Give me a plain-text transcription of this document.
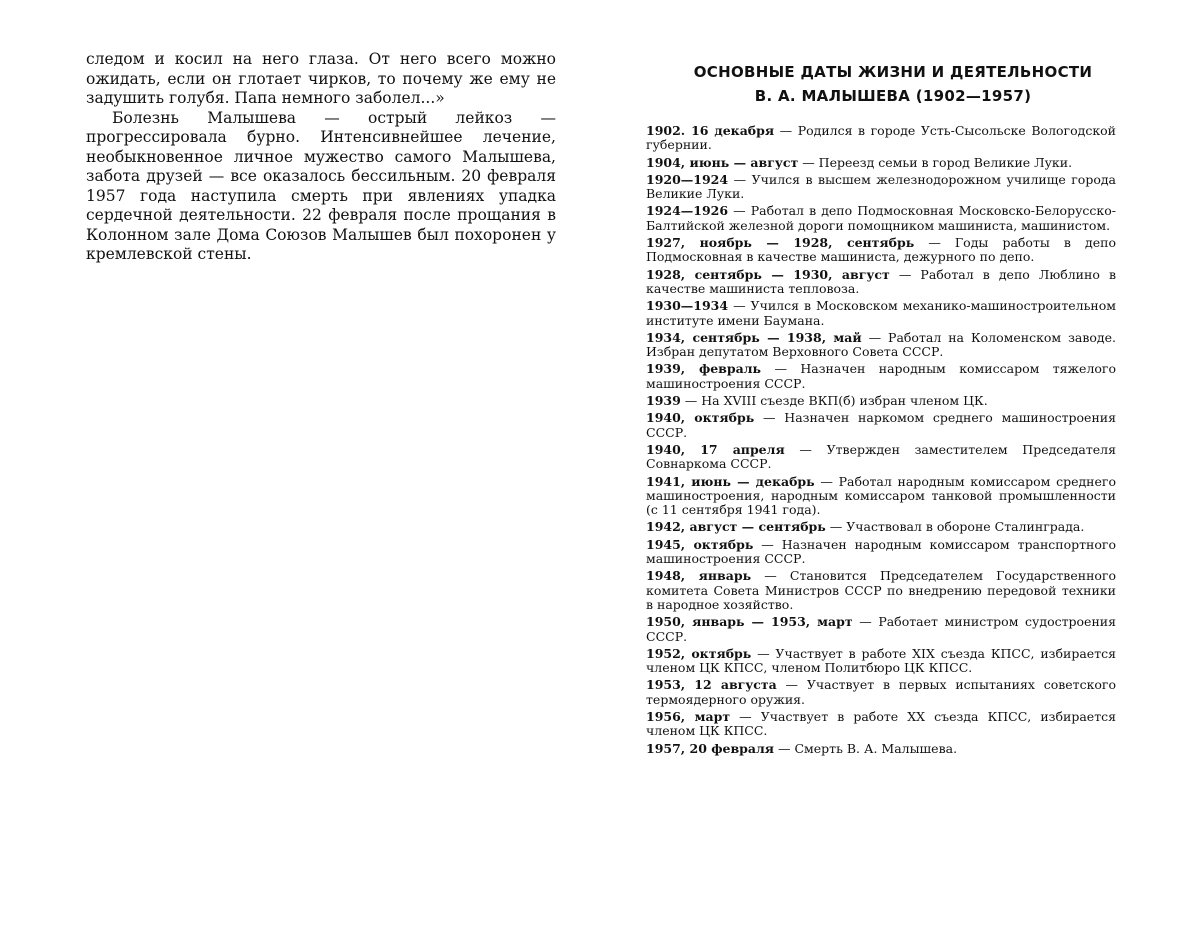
следом и косил на него глаза. От него всего можно ожидать, если он глотает чирков, то почему же ему не задушить голубя. Папа немного заболел...»

Болезнь Малышева — острый лейкоз — прогрессировала бурно. Интенсивнейшее лечение, необыкновенное личное мужество самого Малышева, забота друзей — все оказалось бессильным. 20 февраля 1957 года наступила смерть при явлениях упадка сердечной деятельности. 22 февраля после прощания в Колонном зале Дома Союзов Малышев был похоронен у кремлевской стены.

ОСНОВНЫЕ ДАТЫ ЖИЗНИ И ДЕЯТЕЛЬНОСТИ
В. А. МАЛЫШЕВА (1902—1957)
1902. 16 декабря — Родился в городе Усть-Сысольске Вологодской губернии.
1904, июнь — август — Переезд семьи в город Великие Луки.
1920—1924 — Учился в высшем железнодорожном училище города Великие Луки.
1924—1926 — Работал в депо Подмосковная Московско-Белорусско-Балтийской железной дороги помощником машиниста, машинистом.
1927, ноябрь — 1928, сентябрь — Годы работы в депо Подмосковная в качестве машиниста, дежурного по депо.
1928, сентябрь — 1930, август — Работал в депо Люблино в качестве машиниста тепловоза.
1930—1934 — Учился в Московском механико-машиностроительном институте имени Баумана.
1934, сентябрь — 1938, май — Работал на Коломенском заводе. Избран депутатом Верховного Совета СССР.
1939, февраль — Назначен народным комиссаром тяжелого машиностроения СССР.
1939 — На XVIII съезде ВКП(б) избран членом ЦК.
1940, октябрь — Назначен наркомом среднего машиностроения СССР.
1940, 17 апреля — Утвержден заместителем Председателя Совнаркома СССР.
1941, июнь — декабрь — Работал народным комиссаром среднего машиностроения, народным комиссаром танковой промышленности (с 11 сентября 1941 года).
1942, август — сентябрь — Участвовал в обороне Сталинграда.
1945, октябрь — Назначен народным комиссаром транспортного машиностроения СССР.
1948, январь — Становится Председателем Государственного комитета Совета Министров СССР по внедрению передовой техники в народное хозяйство.
1950, январь — 1953, март — Работает министром судостроения СССР.
1952, октябрь — Участвует в работе XIX съезда КПСС, избирается членом ЦК КПСС, членом Политбюро ЦК КПСС.
1953, 12 августа — Участвует в первых испытаниях советского термоядерного оружия.
1956, март — Участвует в работе XX съезда КПСС, избирается членом ЦК КПСС.
1957, 20 февраля — Смерть В. А. Малышева.
